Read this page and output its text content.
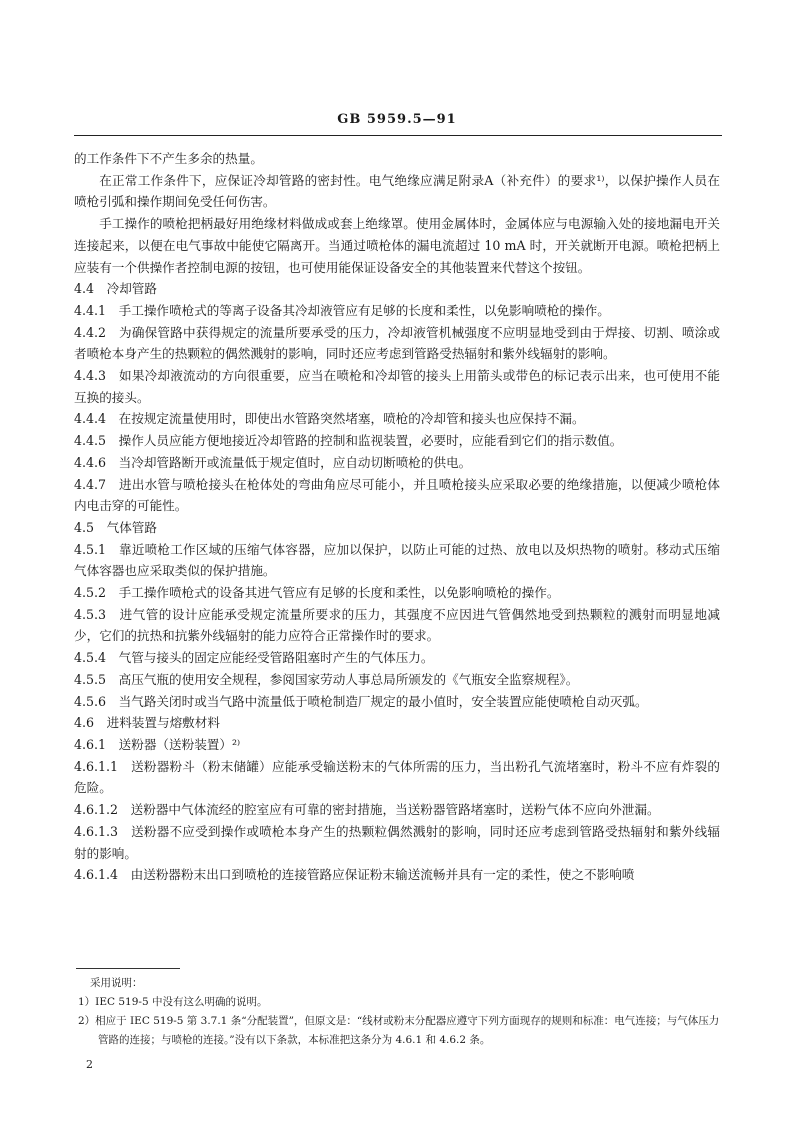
GB 5959.5—91

的工作条件下不产生多余的热量。

在正常工作条件下，应保证冷却管路的密封性。电气绝缘应满足附录A（补充件）的要求¹⁾，以保护操作人员在喷枪引弧和操作期间免受任何伤害。

手工操作的喷枪把柄最好用绝缘材料做成或套上绝缘罩。使用金属体时，金属体应与电源输入处的接地漏电开关连接起来，以便在电气事故中能使它隔离开。当通过喷枪体的漏电流超过 10 mA 时，开关就断开电源。喷枪把柄上应装有一个供操作者控制电源的按钮，也可使用能保证设备安全的其他装置来代替这个按钮。

4.4　冷却管路

4.4.1　手工操作喷枪式的等离子设备其冷却液管应有足够的长度和柔性，以免影响喷枪的操作。

4.4.2　为确保管路中获得规定的流量所要承受的压力，冷却液管机械强度不应明显地受到由于焊接、切割、喷涂或者喷枪本身产生的热颗粒的偶然溅射的影响，同时还应考虑到管路受热辐射和紫外线辐射的影响。

4.4.3　如果冷却液流动的方向很重要，应当在喷枪和冷却管的接头上用箭头或带色的标记表示出来，也可使用不能互换的接头。

4.4.4　在按规定流量使用时，即使出水管路突然堵塞，喷枪的冷却管和接头也应保持不漏。

4.4.5　操作人员应能方便地接近冷却管路的控制和监视装置，必要时，应能看到它们的指示数值。

4.4.6　当冷却管路断开或流量低于规定值时，应自动切断喷枪的供电。

4.4.7　进出水管与喷枪接头在枪体处的弯曲角应尽可能小，并且喷枪接头应采取必要的绝缘措施，以便减少喷枪体内电击穿的可能性。

4.5　气体管路

4.5.1　靠近喷枪工作区域的压缩气体容器，应加以保护，以防止可能的过热、放电以及炽热物的喷射。移动式压缩气体容器也应采取类似的保护措施。

4.5.2　手工操作喷枪式的设备其进气管应有足够的长度和柔性，以免影响喷枪的操作。

4.5.3　进气管的设计应能承受规定流量所要求的压力，其强度不应因进气管偶然地受到热颗粒的溅射而明显地减少，它们的抗热和抗紫外线辐射的能力应符合正常操作时的要求。

4.5.4　气管与接头的固定应能经受管路阻塞时产生的气体压力。

4.5.5　高压气瓶的使用安全规程，参阅国家劳动人事总局所颁发的《气瓶安全监察规程》。

4.5.6　当气路关闭时或当气路中流量低于喷枪制造厂规定的最小值时，安全装置应能使喷枪自动灭弧。

4.6　进料装置与熔敷材料

4.6.1　送粉器（送粉装置）²⁾

4.6.1.1　送粉器粉斗（粉末储罐）应能承受输送粉末的气体所需的压力，当出粉孔气流堵塞时，粉斗不应有炸裂的危险。

4.6.1.2　送粉器中气体流经的腔室应有可靠的密封措施，当送粉器管路堵塞时，送粉气体不应向外泄漏。

4.6.1.3　送粉器不应受到操作或喷枪本身产生的热颗粒偶然溅射的影响，同时还应考虑到管路受热辐射和紫外线辐射的影响。

4.6.1.4　由送粉器粉末出口到喷枪的连接管路应保证粉末输送流畅并具有一定的柔性，使之不影响喷

采用说明：

1）IEC 519-5 中没有这么明确的说明。

2）相应于 IEC 519-5 第 3.7.1 条“分配装置”，但原文是：“线材或粉末分配器应遵守下列方面现存的规则和标准：电气连接；与气体压力管路的连接；与喷枪的连接。”没有以下条款，本标准把这条分为 4.6.1 和 4.6.2 条。

2
